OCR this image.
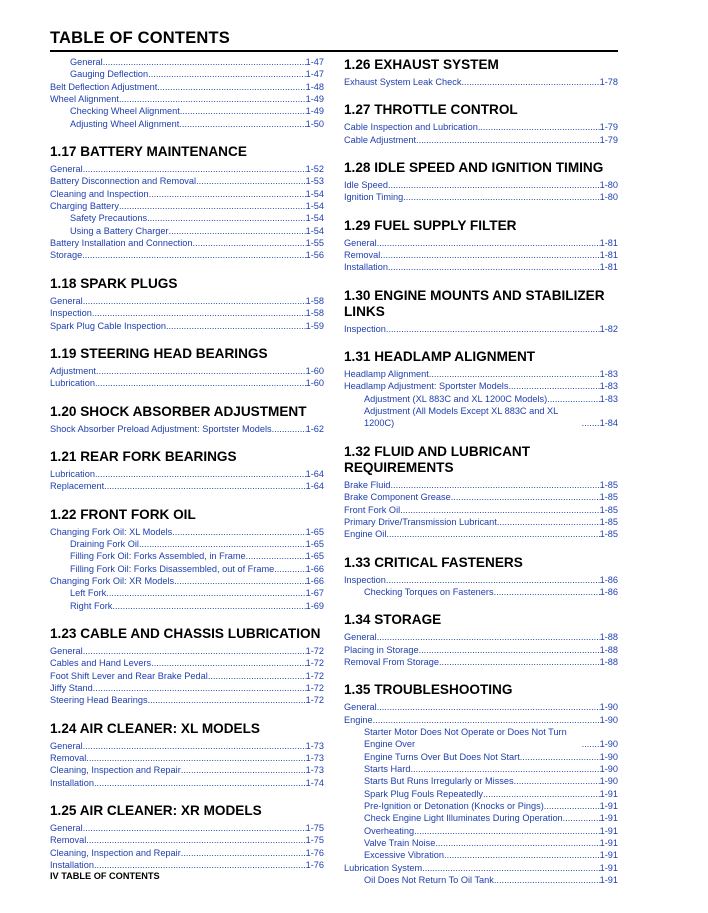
TABLE OF CONTENTS
General .....	1-47
Gauging Deflection .....	1-47
Belt Deflection Adjustment .....	1-48
Wheel Alignment .....	1-49
Checking Wheel Alignment .....	1-49
Adjusting Wheel Alignment .....	1-50
1.17 BATTERY MAINTENANCE
General .....	1-52
Battery Disconnection and Removal .....	1-53
Cleaning and Inspection .....	1-54
Charging Battery .....	1-54
Safety Precautions .....	1-54
Using a Battery Charger .....	1-54
Battery Installation and Connection .....	1-55
Storage .....	1-56
1.18 SPARK PLUGS
General .....	1-58
Inspection .....	1-58
Spark Plug Cable Inspection .....	1-59
1.19 STEERING HEAD BEARINGS
Adjustment .....	1-60
Lubrication .....	1-60
1.20 SHOCK ABSORBER ADJUSTMENT
Shock Absorber Preload Adjustment: Sportster Models .....	1-62
1.21 REAR FORK BEARINGS
Lubrication .....	1-64
Replacement .....	1-64
1.22 FRONT FORK OIL
Changing Fork Oil: XL Models .....	1-65
Draining Fork Oil .....	1-65
Filling Fork Oil: Forks Assembled, in Frame .....	1-65
Filling Fork Oil: Forks Disassembled, out of Frame .....	1-66
Changing Fork Oil: XR Models .....	1-66
Left Fork .....	1-67
Right Fork .....	1-69
1.23 CABLE AND CHASSIS LUBRICATION
General .....	1-72
Cables and Hand Levers .....	1-72
Foot Shift Lever and Rear Brake Pedal .....	1-72
Jiffy Stand .....	1-72
Steering Head Bearings .....	1-72
1.24 AIR CLEANER: XL MODELS
General .....	1-73
Removal .....	1-73
Cleaning, Inspection and Repair .....	1-73
Installation .....	1-74
1.25 AIR CLEANER: XR MODELS
General .....	1-75
Removal .....	1-75
Cleaning, Inspection and Repair .....	1-76
Installation .....	1-76
1.26 EXHAUST SYSTEM
Exhaust System Leak Check .....	1-78
1.27 THROTTLE CONTROL
Cable Inspection and Lubrication .....	1-79
Cable Adjustment .....	1-79
1.28 IDLE SPEED AND IGNITION TIMING
Idle Speed .....	1-80
Ignition Timing .....	1-80
1.29 FUEL SUPPLY FILTER
General .....	1-81
Removal .....	1-81
Installation .....	1-81
1.30 ENGINE MOUNTS AND STABILIZER LINKS
Inspection .....	1-82
1.31 HEADLAMP ALIGNMENT
Headlamp Alignment .....	1-83
Headlamp Adjustment: Sportster Models .....	1-83
Adjustment (XL 883C and XL 1200C Models) .....	1-83
Adjustment (All Models Except XL 883C and XL 1200C) .....	1-84
1.32 FLUID AND LUBRICANT REQUIREMENTS
Brake Fluid .....	1-85
Brake Component Grease .....	1-85
Front Fork Oil .....	1-85
Primary Drive/Transmission Lubricant .....	1-85
Engine Oil .....	1-85
1.33 CRITICAL FASTENERS
Inspection .....	1-86
Checking Torques on Fasteners .....	1-86
1.34 STORAGE
General .....	1-88
Placing in Storage .....	1-88
Removal From Storage .....	1-88
1.35 TROUBLESHOOTING
General .....	1-90
Engine .....	1-90
Starter Motor Does Not Operate or Does Not Turn Engine Over .....	1-90
Engine Turns Over But Does Not Start .....	1-90
Starts Hard .....	1-90
Starts But Runs Irregularly or Misses .....	1-90
Spark Plug Fouls Repeatedly .....	1-91
Pre-Ignition or Detonation (Knocks or Pings) .....	1-91
Check Engine Light Illuminates During Operation .....	1-91
Overheating .....	1-91
Valve Train Noise .....	1-91
Excessive Vibration .....	1-91
Lubrication System .....	1-91
Oil Does Not Return To Oil Tank .....	1-91
IV TABLE OF CONTENTS
